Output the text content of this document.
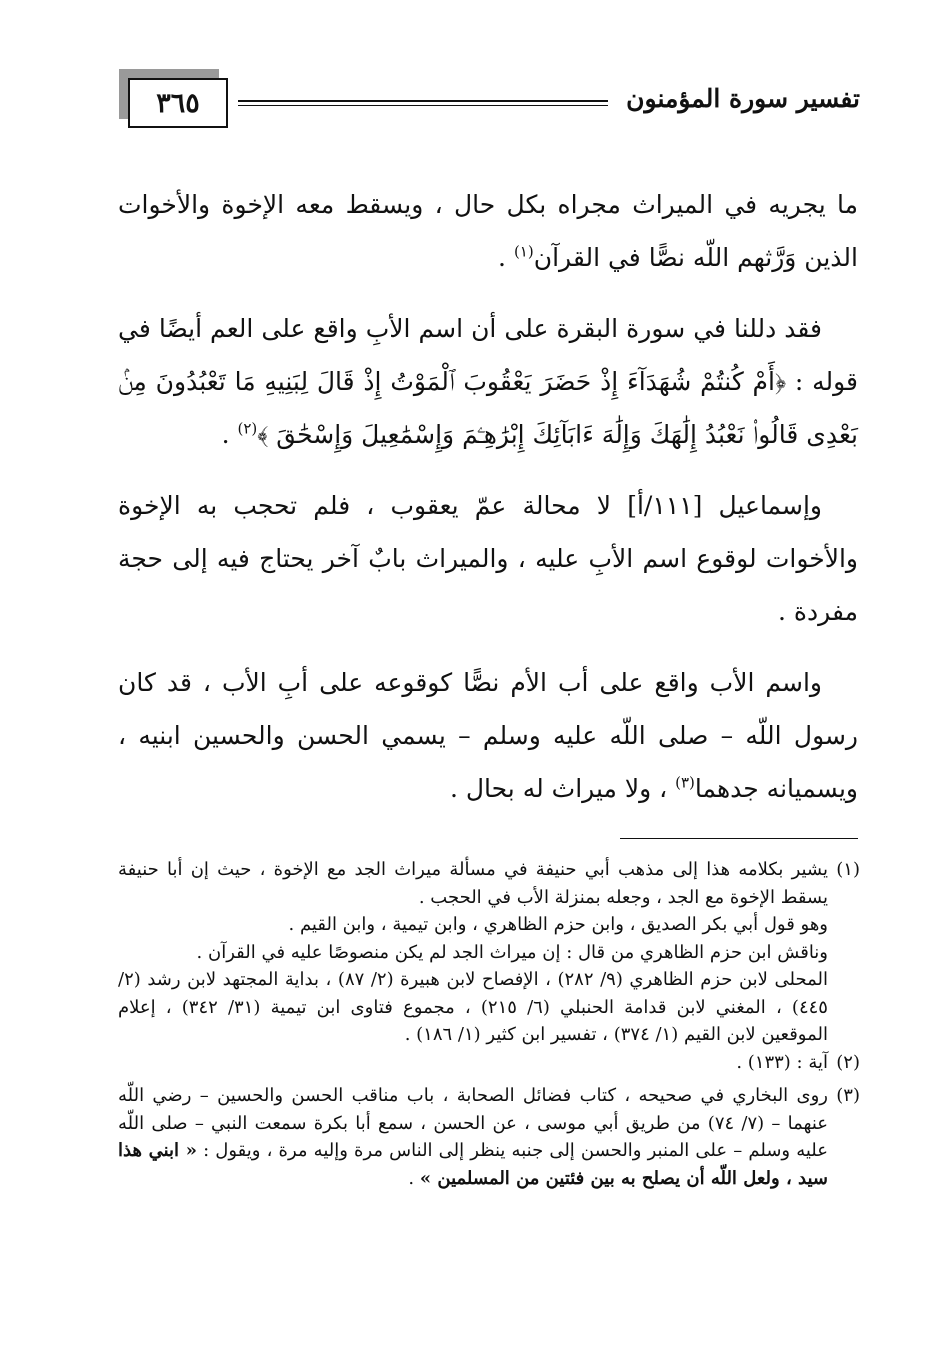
٣٦٥	تفسير سورة المؤمنون

ما يجريه في الميراث مجراه بكل حال ، ويسقط معه الإخوة والأخوات الذين وَرَّثهم اللّه نصًّا في القرآن$^{(١)}$ .

فقد دللنا في سورة البقرة على أن اسم الأبِ واقع على العم أيضًا في قوله : ﴿أَمْ كُنتُمْ شُهَدَآءَ إِذْ حَضَرَ يَعْقُوبَ ٱلْمَوْتُ إِذْ قَالَ لِبَنِيهِ مَا تَعْبُدُونَ مِنۢ بَعْدِى قَالُوا۟ نَعْبُدُ إِلَٰهَكَ وَإِلَٰهَ ءَابَآئِكَ إِبْرَٰهِـۧمَ وَإِسْمَٰعِيلَ وَإِسْحَٰقَ ﴾$^{(٢)}$ .

وإسماعيل [١١١/أ] لا محالة عمّ يعقوب ، فلم تحجب به الإخوة والأخوات لوقوع اسم الأبِ عليه ، والميراث بابٌ آخر يحتاج فيه إلى حجة مفردة .

واسم الأب واقع على أب الأم نصًّا كوقوعه على أبِ الأب ، قد كان رسول اللّه – صلى اللّه عليه وسلم – يسمي الحسن والحسين ابنيه ، ويسميانه جدهما$^{(٣)}$ ، ولا ميراث له بحال .

(١)
يشير بكلامه هذا إلى مذهب أبي حنيفة في مسألة ميراث الجد مع الإخوة ، حيث إن أبا حنيفة يسقط الإخوة مع الجد ، وجعله بمنزلة الأب في الحجب .
وهو قول أبي بكر الصديق ، وابن حزم الظاهري ، وابن تيمية ، وابن القيم .
وناقش ابن حزم الظاهري من قال : إن ميراث الجد لم يكن منصوصًا عليه في القرآن .
المحلى لابن حزم الظاهري (٩/ ٢٨٢) ، الإفصاح لابن هبيرة (٢/ ٨٧) ، بداية المجتهد لابن رشد (٢/ ٤٤٥) ، المغني لابن قدامة الحنبلي (٦/ ٢١٥) ، مجموع فتاوى ابن تيمية (٣١/ ٣٤٢) ، إعلام الموقعين لابن القيم (١/ ٣٧٤) ، تفسير ابن كثير (١/ ١٨٦) .
(٢)
آية : (١٣٣) .
(٣)
روى البخاري في صحيحه ، كتاب فضائل الصحابة ، باب مناقب الحسن والحسين – رضي اللّه عنهما – (٧/ ٧٤) من طريق أبي موسى ، عن الحسن ، سمع أبا بكرة سمعت النبي – صلى اللّه عليه وسلم – على المنبر والحسن إلى جنبه ينظر إلى الناس مرة وإليه مرة ، ويقول : « ابني هذا سيد ، ولعل اللّه أن يصلح به بين فئتين من المسلمين » .
